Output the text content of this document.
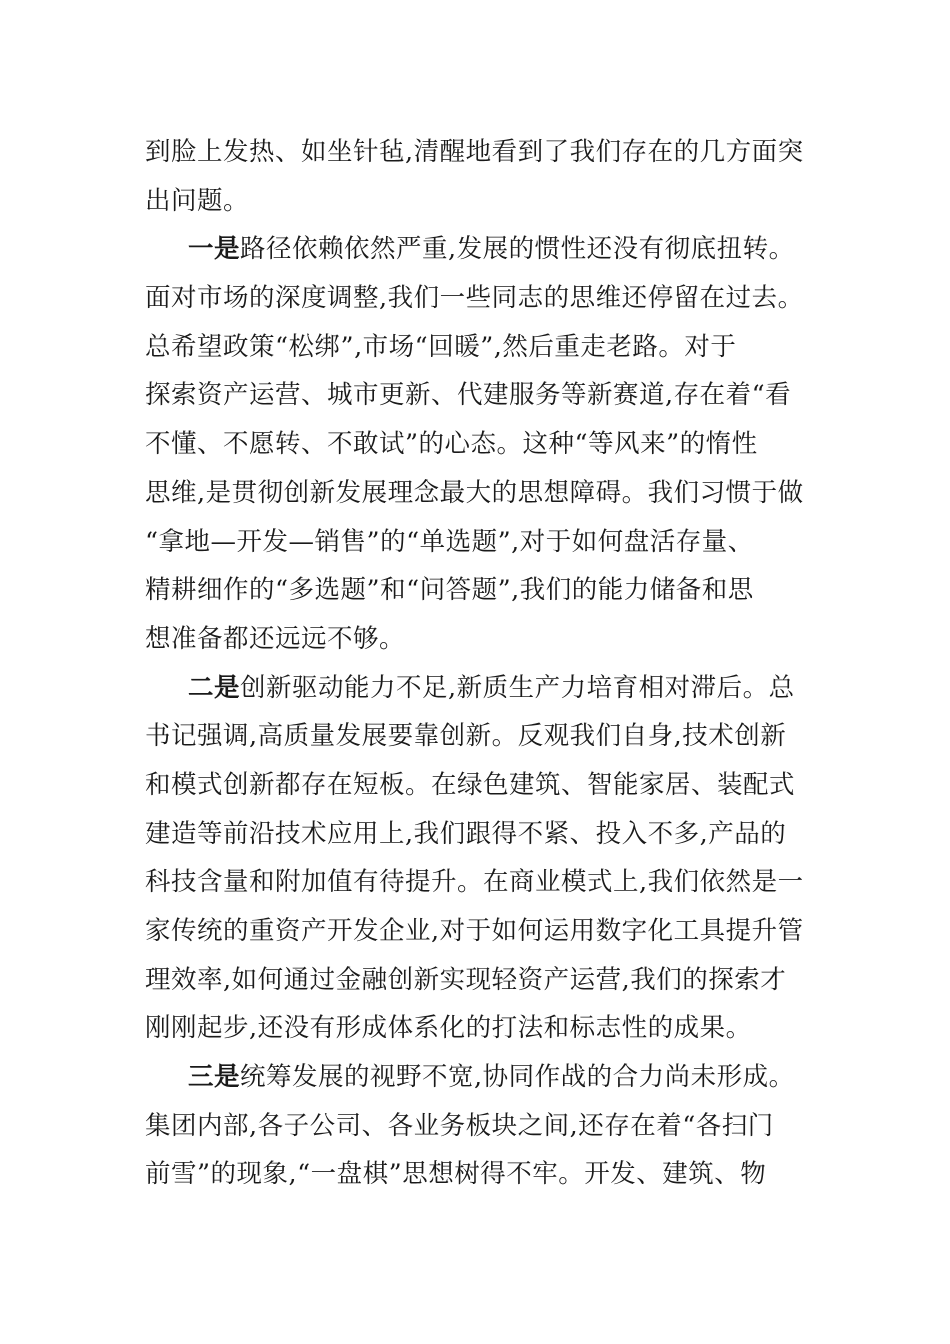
到脸上发热、如坐针毡,清醒地看到了我们存在的几方面突
出问题。
一是路径依赖依然严重,发展的惯性还没有彻底扭转。
面对市场的深度调整,我们一些同志的思维还停留在过去。
总希望政策“松绑”,市场“回暖”,然后重走老路。对于
探索资产运营、城市更新、代建服务等新赛道,存在着“看
不懂、不愿转、不敢试”的心态。这种“等风来”的惰性
思维,是贯彻创新发展理念最大的思想障碍。我们习惯于做
“拿地—开发—销售”的“单选题”,对于如何盘活存量、
精耕细作的“多选题”和“问答题”,我们的能力储备和思
想准备都还远远不够。
二是创新驱动能力不足,新质生产力培育相对滞后。总
书记强调,高质量发展要靠创新。反观我们自身,技术创新
和模式创新都存在短板。在绿色建筑、智能家居、装配式
建造等前沿技术应用上,我们跟得不紧、投入不多,产品的
科技含量和附加值有待提升。在商业模式上,我们依然是一
家传统的重资产开发企业,对于如何运用数字化工具提升管
理效率,如何通过金融创新实现轻资产运营,我们的探索才
刚刚起步,还没有形成体系化的打法和标志性的成果。
三是统筹发展的视野不宽,协同作战的合力尚未形成。
集团内部,各子公司、各业务板块之间,还存在着“各扫门
前雪”的现象,“一盘棋”思想树得不牢。开发、建筑、物
